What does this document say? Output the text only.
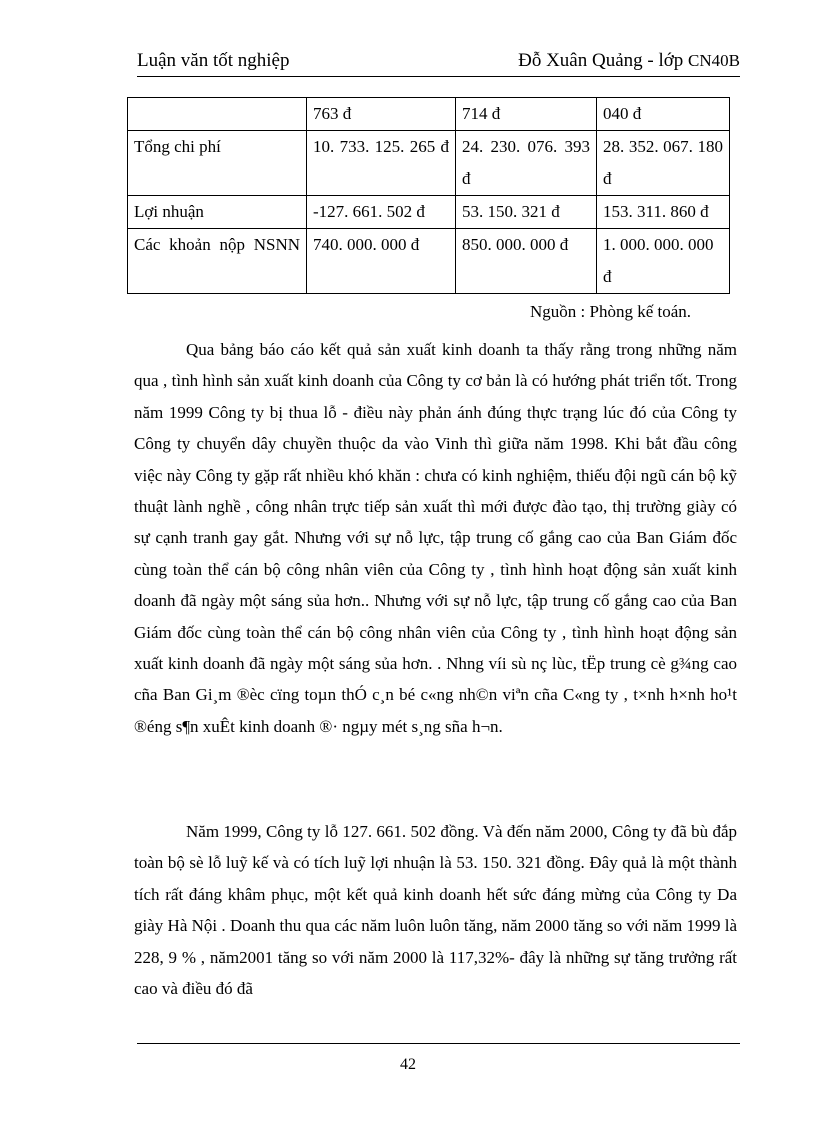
Luận văn tốt nghiệp	Đỗ Xuân Quảng - lớp CN40B
	763 đ	714 đ	040 đ
Tổng chi phí	10. 733. 125. 265 đ	24. 230. 076. 393 đ	28. 352. 067. 180 đ
Lợi nhuận	-127. 661. 502 đ	53. 150. 321 đ	153. 311. 860 đ
Các khoản nộp NSNN	740. 000. 000 đ	850. 000. 000 đ	1. 000. 000. 000 đ
Nguồn : Phòng kế toán.

Qua bảng báo cáo kết quả sản xuất kinh doanh ta thấy rằng trong những năm qua , tình hình sản xuất kinh doanh của Công ty cơ bản là có hướng phát triển tốt. Trong năm 1999 Công ty bị thua lỗ - điều này phản ánh đúng thực trạng lúc đó của Công ty Công ty chuyển dây chuyền thuộc da vào Vinh thì giữa năm 1998. Khi bắt đầu công việc này Công ty gặp rất nhiều khó khăn : chưa có kinh nghiệm, thiếu đội ngũ cán bộ kỹ thuật lành nghề , công nhân trực tiếp sản xuất thì mới được đào tạo, thị trường giày có sự cạnh tranh gay gắt. Nhưng với sự nỗ lực, tập trung cố gắng cao của Ban Giám đốc cùng toàn thể cán bộ công nhân viên của Công ty , tình hình hoạt động sản xuất kinh doanh đã ngày một sáng sủa hơn.. Nhưng với sự nỗ lực, tập trung cố gắng cao của Ban Giám đốc cùng toàn thể cán bộ công nhân viên của Công ty , tình hình hoạt động sản xuất kinh doanh đã ngày một sáng sủa hơn. . Nhng víi sù nç lùc, tËp trung cè g¾ng cao cña Ban Gi¸m ®èc cïng toµn thÓ c¸n bé c«ng nh©n viªn cña C«ng ty , t×nh h×nh ho¹t ®éng s¶n xuÊt kinh doanh ®· ngµy mét s¸ng sña h¬n.

Năm 1999, Công ty lỗ 127. 661. 502 đồng. Và đến năm 2000, Công ty đã bù đắp toàn bộ sè lỗ luỹ kế và có tích luỹ lợi nhuận là 53. 150. 321 đồng. Đây quả là một thành tích rất đáng khâm phục, một kết quả kinh doanh hết sức đáng mừng của Công ty Da giày Hà Nội . Doanh thu qua các năm luôn luôn tăng, năm 2000 tăng so với năm 1999 là 228, 9 % , năm2001 tăng so với năm 2000 là 117,32%- đây là những sự tăng trưởng rất cao và điều đó đã

42
